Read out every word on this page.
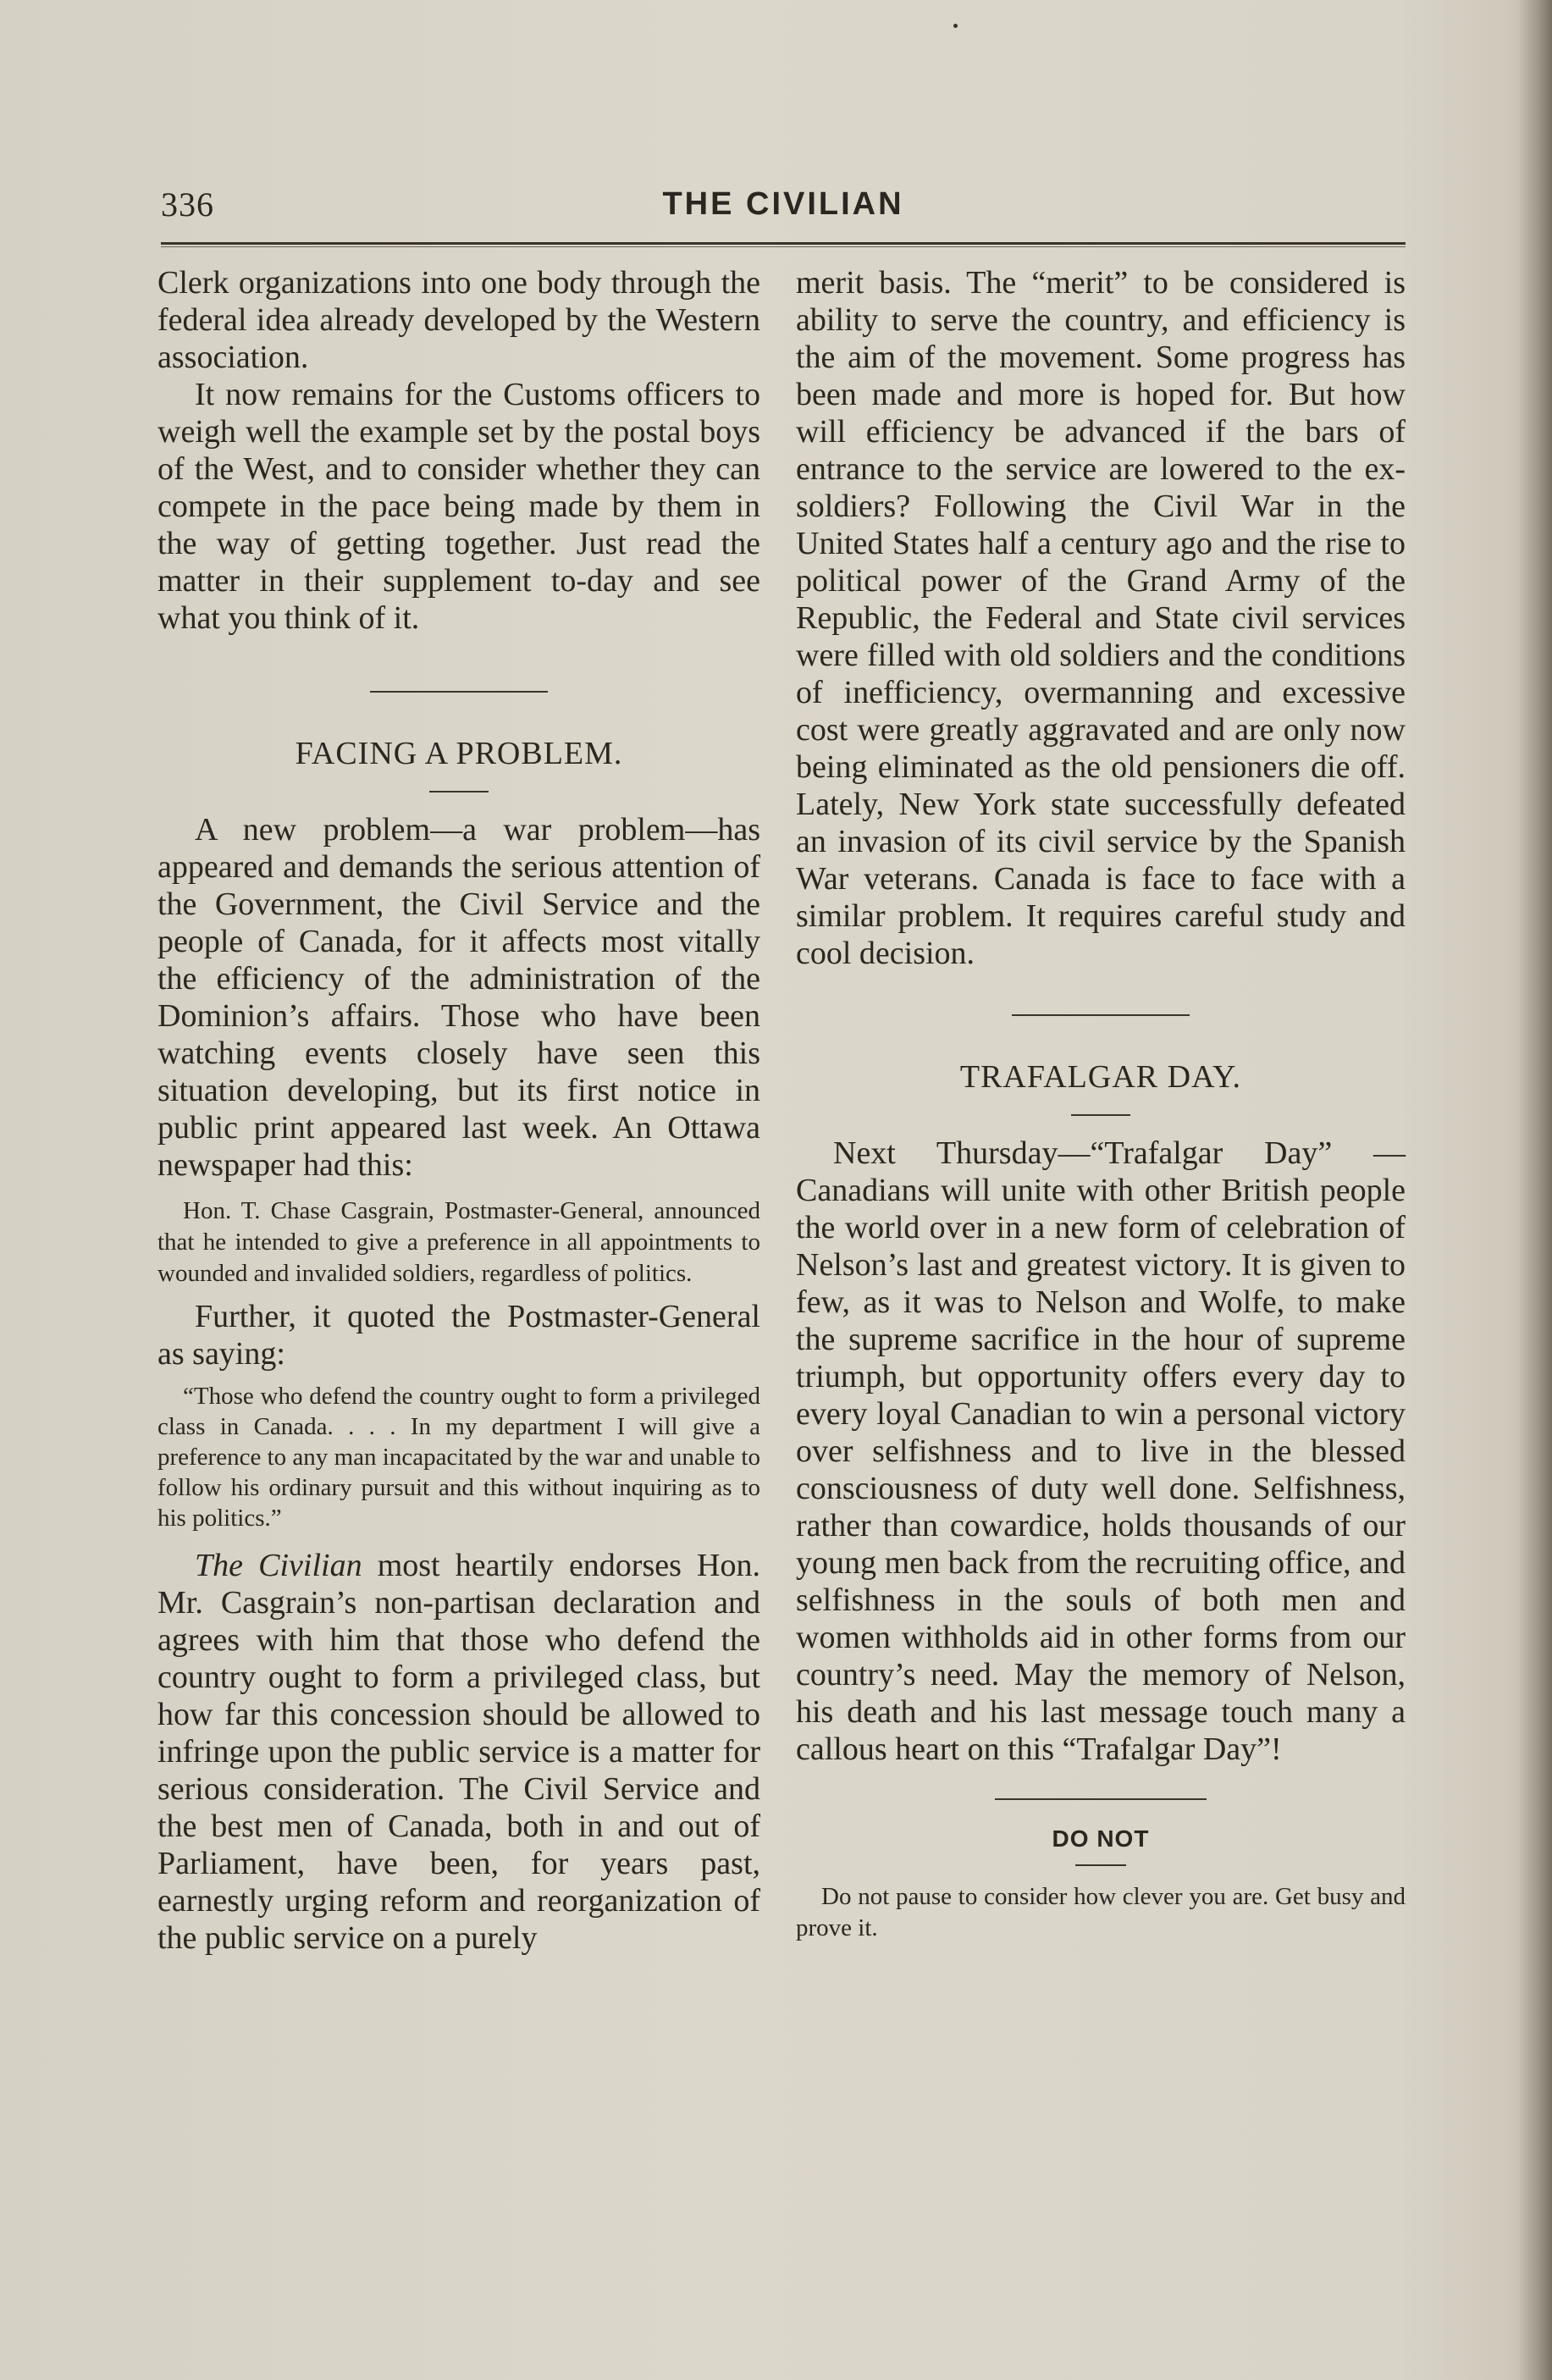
336	THE CIVILIAN

Clerk organizations into one body through the federal idea already developed by the Western association.

It now remains for the Customs officers to weigh well the example set by the postal boys of the West, and to consider whether they can compete in the pace being made by them in the way of getting together. Just read the matter in their supplement to-day and see what you think of it.

FACING A PROBLEM.

A new problem—a war problem—has appeared and demands the serious attention of the Government, the Civil Service and the people of Canada, for it affects most vitally the efficiency of the administration of the Dominion’s affairs. Those who have been watching events closely have seen this situation developing, but its first notice in public print appeared last week. An Ottawa newspaper had this:

Hon. T. Chase Casgrain, Postmaster-General, announced that he intended to give a preference in all appointments to wounded and invalided soldiers, regardless of politics.

Further, it quoted the Postmaster-General as saying:

“Those who defend the country ought to form a privileged class in Canada. . . . In my department I will give a preference to any man incapacitated by the war and unable to follow his ordinary pursuit and this without inquiring as to his politics.”

The Civilian most heartily endorses Hon. Mr. Casgrain’s non-partisan declaration and agrees with him that those who defend the country ought to form a privileged class, but how far this concession should be allowed to infringe upon the public service is a matter for serious consideration. The Civil Service and the best men of Canada, both in and out of Parliament, have been, for years past, earnestly urging reform and reorganization of the public service on a purely

merit basis. The “merit” to be considered is ability to serve the country, and efficiency is the aim of the movement. Some progress has been made and more is hoped for. But how will efficiency be advanced if the bars of entrance to the service are lowered to the ex-soldiers? Following the Civil War in the United States half a century ago and the rise to political power of the Grand Army of the Republic, the Federal and State civil services were filled with old soldiers and the conditions of inefficiency, overmanning and excessive cost were greatly aggravated and are only now being eliminated as the old pensioners die off. Lately, New York state successfully defeated an invasion of its civil service by the Spanish War veterans. Canada is face to face with a similar problem. It requires careful study and cool decision.

TRAFALGAR DAY.

Next Thursday—“Trafalgar Day” —Canadians will unite with other British people the world over in a new form of celebration of Nelson’s last and greatest victory. It is given to few, as it was to Nelson and Wolfe, to make the supreme sacrifice in the hour of supreme triumph, but opportunity offers every day to every loyal Canadian to win a personal victory over selfishness and to live in the blessed consciousness of duty well done. Selfishness, rather than cowardice, holds thousands of our young men back from the recruiting office, and selfishness in the souls of both men and women withholds aid in other forms from our country’s need. May the memory of Nelson, his death and his last message touch many a callous heart on this “Trafalgar Day”!

DO NOT

Do not pause to consider how clever you are. Get busy and prove it.
